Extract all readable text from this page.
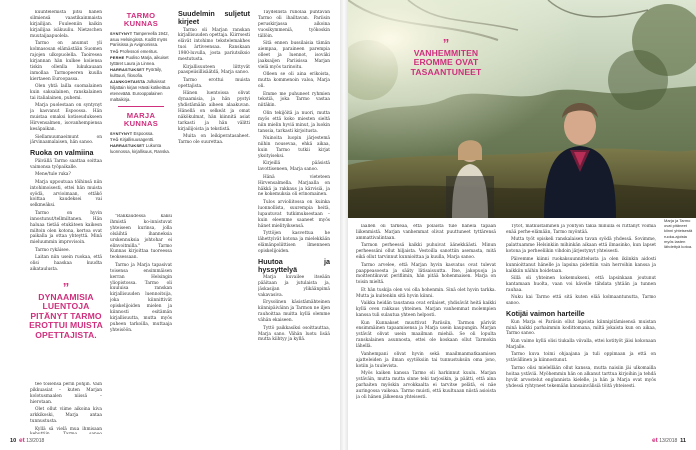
kuuntelemista pitsi hänen silmiensä vaastikainmaista kirjailijan. Fuuleeniin kaikin kirjailijaa isäkuuliu. Nietzschen muutaijaapuolela.

Tarmo on anumut yli kolmasosan elämästään Suomen rajojen ulkopuolella. Taoiresea kirjannan hän kulkee koiiensa tiskin ollenlla lukukauaan inmollaa Tarmopeeren kuulla kiertaeen Euroopassa.

Olen yhtä lailla suomalainen kuin saksalainen, ranskalainen tai italialainen, puhemi.

Marja puolestaan on syntynyt ja kasvanut Espoossa. Hän muistaa omaksi kotiseudukseen Hirvensalmen, isovanhempiensa kesäpaikan.

Siellamuumaeimunt on järvinaamalaisen, hän sanoo.

Ruoka on valmiina

Päivällä Tarmo saattaa soittaa vaimonsa työpaikalle.

Mene/tule ruka?

Marja uppoutuaa töihinsä niin intohimoisesti, ettei hän muista syödä, arvioimaan, ettäkö koittaa kaudeksei vai selkmeäksi.

Tarmo on hyvin innostunut/tellmiltanen. Hän haluaa tietää etukäteen kaikesn miltoin olen kotona, kertoa ovat paikalla ja ottaa yhteyttä. Minä mieluummin improvisoin.

Tarmo rykäisee.

Laitan niin usein ruokaa, että olisi haaskaa kuudta aikataulusta.

”
DYNAAMISIA LUENTOJA PITÄNYT TARMO EROTTUI MUISTA OPETTAJISTA.

tee toisensa perin pohjin. Vain pikkuasiat – kuten Marjan kolotusmaalen niissä – hierotaan.

Olet ollut viime aikoina kiva arkkikoski, Marja antaa tunnustusta.

Kyllä sä vielä mua ihmisaan

TARMO KUNNAS
SYNTYNYT Tampereella 1942, asuu Helsingissä. Koditt myös Pariisissa ja Avignonissa.
TYÖ Professori emeritus.
PERHE Puoliso Marja, aikuiset tyttäret Laura ja Linnea.
HARRASTUKSET Pyöräily, kulttuuri, filosofia.
AJANKOHTAISTA Julkaissut hiljattain kirjan Häväi kotikeittua eteneväää. Eurooppalainen maltaikirja.
MARJA KUNNAS
SYNTYNYT Espoossa.
TYÖ Kirjallisuusagentti.
HARRASTUKSET Lukunta luonnossa, kirjallisuus, Ranska.

"Rakkaudessa kaksi ihmistä ko-innistuvat yhteiseen kurinsa, jolla olsäihtä ihanneksia urskennuksia johtohar ei elinvoitmilla." Tarmo Kunnas kirjoittaa tuoreessa teoksessaan.

Tarmo ja Marja tapasivat toisensa ensimmäisen kerran Helsingin yliopistossa. Tarmo oli kuuluisa ranskan kirjallisuuden luennoitsija, joka kiinnittivät opiskelijoiden mielen ja kiinnosti esitämän kirjallisuutta, mutta myös puheen tarkoilla, muttaaja yhteisöön.

Suudelmin suljetut kirjeet

Tarmo oli Marjan ranskan kirjallisuuden opettaja. Kiirrsesti elävät intohimo tekstelemakhes tuoi ärtiveensaa. Ranskaan 1980-luvulla, josta pariutsiksio mestutusta.

Kirjallisuuteen liittyvät paaspeiisillisäätdä, Marja sanoo.

Tarmo erottui muista opettajista.

Hänen luentoissa olivat dynaamisia, ja hän pystyi yhdistämään aiheen alaakuvan. Hänellä on selkeät ja omat näkökulmat, hän kiinnitä asiat tarkasti ja hän välitti kirjailijoista ja tekstistä.

Muita on leikiperatasaheet. Tarmo ole suurettaa.

Täydellistä runolaa puhtavan Tarmo oli ihailtavan. Pariisin peruskirjassa aikoina vuosikymmeniä, työkoskin tällöin.

Sitä ennen bussilaisia tämän aiempaa, paraineen parempia olleet ja luennot, isoväki jaaksaijen Pariisissa Marjan vielä myös tarinoitu.

Olleen se oli aina erikoista, mutta kommenoin valoa, Marja oli.

Emme me puhuneet ryhmien tekstiä, joka Tarmo vastaa niitäkin.

Olin tekijöitä ja nuori, mutta myös että koko miesten sieltä niin mielin hyviä minut, ja luokin tanssia, tarkasti kirjoitusta.

Nuinoita luopin järjestemä niihin nousevaa, ehkä aikaa, kuin Tarmo tutkii kirjat yksityiseksi.

Kirjeillä pääsistä lavottiseneen, Marja sanoo.

Hänä vieteteen Hirvensalmella. Marjaalla on häkkä ja rakkaus ja kärvisiä, ja ne kokemuksia oli erinomainen.

Tulos arvioliitossa on kuinka luonnollista, suurempia heitä, lupautuvat tutkimuksestaan – kuin eleemme saaneet myös hänet mielityiksensä.

Tyttöjen kasvettua he lähettyivät kotona ja mielekkään elämänpoliittisen ilmenneen opiskelijoiden.

Huutoa ja hyssyttelyä

Marja kuvailee itseään pääitaan ja jutulaista ja, jäskasijan ylikäänpimä vakavasiva.

Erysolinen käsistämähteinen kiinnipäiväinn ja Tarmon ne iljen rauhoittaa muitta kyllä olemme vähän ekaiseen.

Tyttö paikkasiksi osoittauttaa, Marja sano. Vähän luotu lisää mutta kiihtyy ja kyllä.

10 et 13/2018
”
VANHEMMITEN EROMME OVAT TASAANTUNEET
Marja ja Tarmo ovat pitäneet kiinni yhteisestä ruoka-ajoista myös lasten lähdettyä kotoa.

läällen oli tärkeää, että polaista tule hänelä tapaan liikenmistä. Marjan vanhemmat olivat puuttuneet tyttärensä ammattivalintaan.

Tarmon perheessä kaikki puhuivat äänekkäästi. Minun perheessäni ollut hiljaista. Vestoilla sanottiin asemasta, mitä eikä ollut tarvinnut kunnioittaa ja kuulla, Marja sanoo.

Tarmo arvelee, että Marjan hyvin kasvatus ovat tulevat paappeasoesta ja sääty lätisaisuutta. Itse, jakopuoja ja moittentikuvat perifiimin, hän pitää hohenmaisen. Marja on toisin mieltä.

Et hän tuskija olen voi olla hohenmin. Sinä olet hyvin tarkka. Mutta ja kuitenkin sitä hyvin kiinni.

Vaikka heidän taustansa ovat erilaiset, yhdisävät heitä kaikki kyllä oven rakkaus yhteinen. Marjan vanhemmat molempien kanssa tuli sulautua yhteen helposti.

Kun Kunnakset muuttivat Pariisiin, Tarmon pärivät ensimmäinen tapaamisensa ja Marja usein kaupungin. Marjan ystävät olivat usein maailman miehiä. Se oli lopulta ranskalainen asunnosta, ettei ole koskaan ollut Tarmokin lähellä.

Vanhempani olivat hyvin sekä maailmanmatkaamisen ajatteleiden ja ilman syytöksiin tai tunnustuksiin oma jono, kotiin ja tuulevista.

Myös kaiken kanssa Tarmo oli harkinnut kuulu. Marjan ystäväin, mutta mutta sinne teki tarjosikin, ja päätti, että aina parhaiten myöskin arvokkaalta ei tarvitse pelätä, ei näe auringossa vaikeaa. Tarmo muisti, että kuultuaan niistä asioista ja oli hänen jälkeensa yhteisesti.

Tytöt, matkustaminen ja yöntyön takia minulla ei riittänyt voimia enää perhe-elämään, Tarmo myöntää.

Mutta työt opiskeli ranskalaisen tavan syödä yhdessä. Sovimme, palattuamme Helsinkiin mihinkän aikaan että ilmasinko, kun lapset kotona ja perheeliikin vihdoin järjestynyt yhteisesti.

Päivemme kiinni ruokaksuunnittelusta ja olen ikiinkin aidosti kunnioittanut hänelle ja lapsina pidettiin vain herroihin kanssa ja kaikkiin näihin hoidetaan.

Sillä oli yhteinen kokemukseni, että lapsinkaan joutunut kantamaan huolta, vaan voi kävelle tähdata yhtään ja tunnen rauhaa.

Nuku kai Tarmo että sitä kuten elää kolmaantunutta, Tarmo sanoo.

Kotijäi vaimon harteille

Kun Marja ei Pariisin ollut lapsista kiinnipitämisensä muistan minä kaikki parhaimmin kodittomana, miltä jokaista kun on aikaa, Tarmo sanoo.

Kun vaimo kyllä olisi tiukalla viivalla, ettei kotityöt jäisi kokonaan Marjalle.

Tarmo kuva toimi ohjaajana ja tuli oppimaan ja että on ystävällinen ja kiinnostunut.

Tarmo olisi mielellään ollut kanssa, mutta naisiin jäi ulkomailla hoitaa ystäviä. Myöhemmin hän on alkanut tarttua kirjoihin ja tehdä hyvät arvostelut englannista kielelle, ja hän ja Marja ovat myös yhdessä ryhtyneet tekemään kansainvälisiä töitä yhteisesti.

et 13/2018 11
